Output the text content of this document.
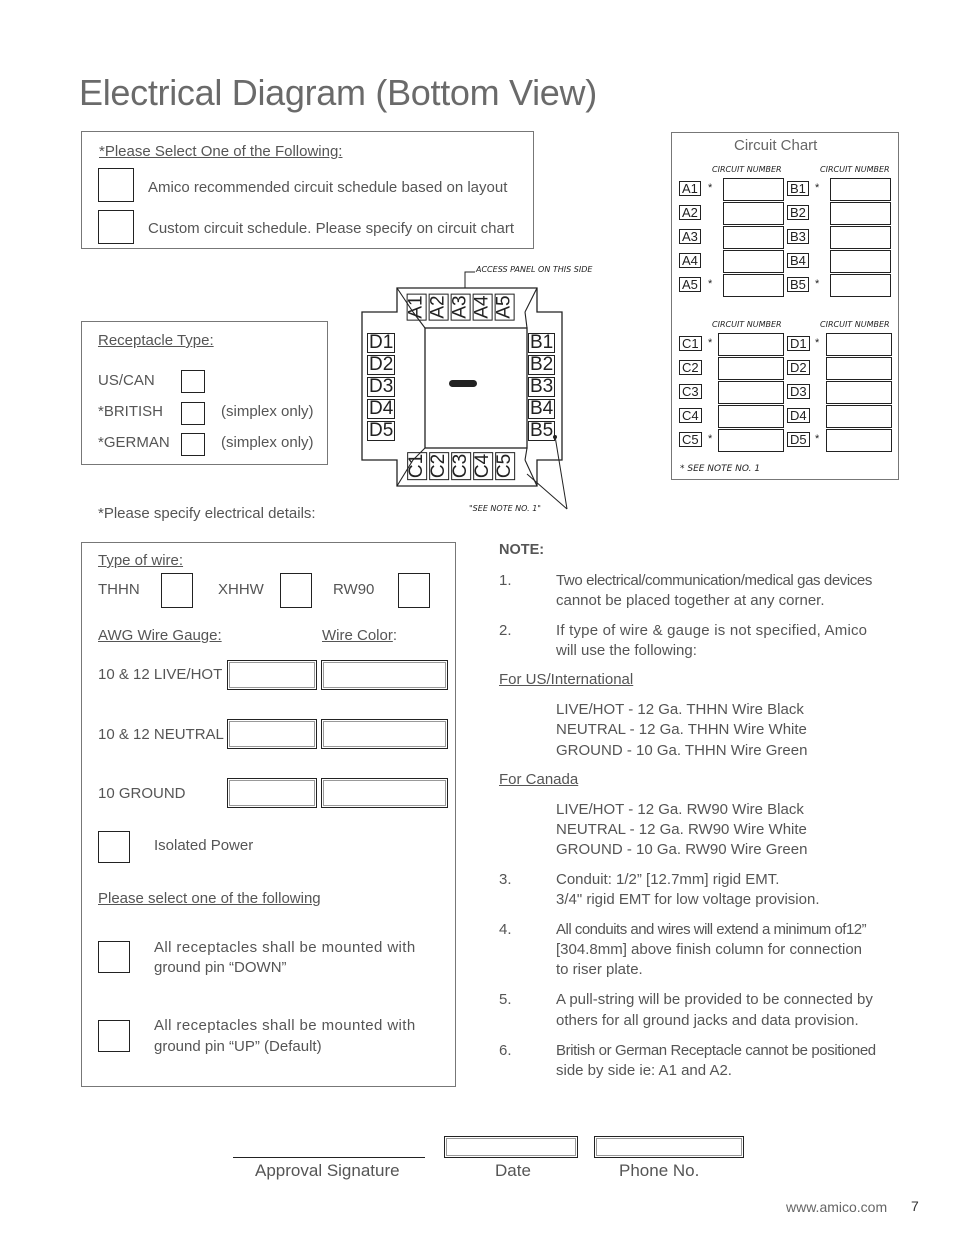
Electrical Diagram (Bottom View)
*Please Select One of the Following:
Amico recommended circuit schedule based on layout
Custom circuit schedule. Please specify on circuit chart
Receptacle Type:
US/CAN
*BRITISH	(simplex only)
*GERMAN	(simplex only)
ACCESS PANEL ON THIS SIDE
"SEE NOTE NO. 1"
A1 A2 A3 A4 A5
C1 C2 C3 C4 C5
D1
D2
D3
D4
D5
B1
B2
B3
B4
B5
Circuit Chart
CIRCUIT NUMBER	CIRCUIT NUMBER
A1 *	B1 *
A2	B2
A3	B3
A4	B4
A5 *	B5 *
CIRCUIT NUMBER	CIRCUIT NUMBER
C1 *	D1 *
C2	D2
C3	D3
C4	D4
C5 *	D5 *
* SEE NOTE NO. 1
*Please specify electrical details:
Type of wire:
THHN	XHHW	RW90
AWG Wire Gauge:	Wire Color:
10 & 12 LIVE/HOT
10 & 12 NEUTRAL
10 GROUND
Isolated Power
Please select one of the following
All receptacles shall be mounted with
ground pin “DOWN”
All receptacles shall be mounted with
ground pin “UP” (Default)
NOTE:
1.	Two electrical/communication/medical gas devices
cannot be placed together at any corner.
2.	If type of wire & gauge is not specified, Amico
will use the following:
For US/International
LIVE/HOT - 12 Ga. THHN Wire Black
NEUTRAL - 12 Ga. THHN Wire White
GROUND - 10 Ga. THHN Wire Green
For Canada
LIVE/HOT - 12 Ga. RW90 Wire Black
NEUTRAL - 12 Ga. RW90 Wire White
GROUND - 10 Ga. RW90 Wire Green
3.	Conduit: 1/2” [12.7mm] rigid EMT.
3/4" rigid EMT for low voltage provision.
4.	All conduits and wires will extend a minimum of12”
[304.8mm] above finish column for connection
to riser plate.
5.	A pull-string will be provided to be connected by
others for all ground jacks and data provision.
6.	British or German Receptacle cannot be positioned
side by side ie: A1 and A2.
Approval Signature	Date	Phone No.
www.amico.com 7
